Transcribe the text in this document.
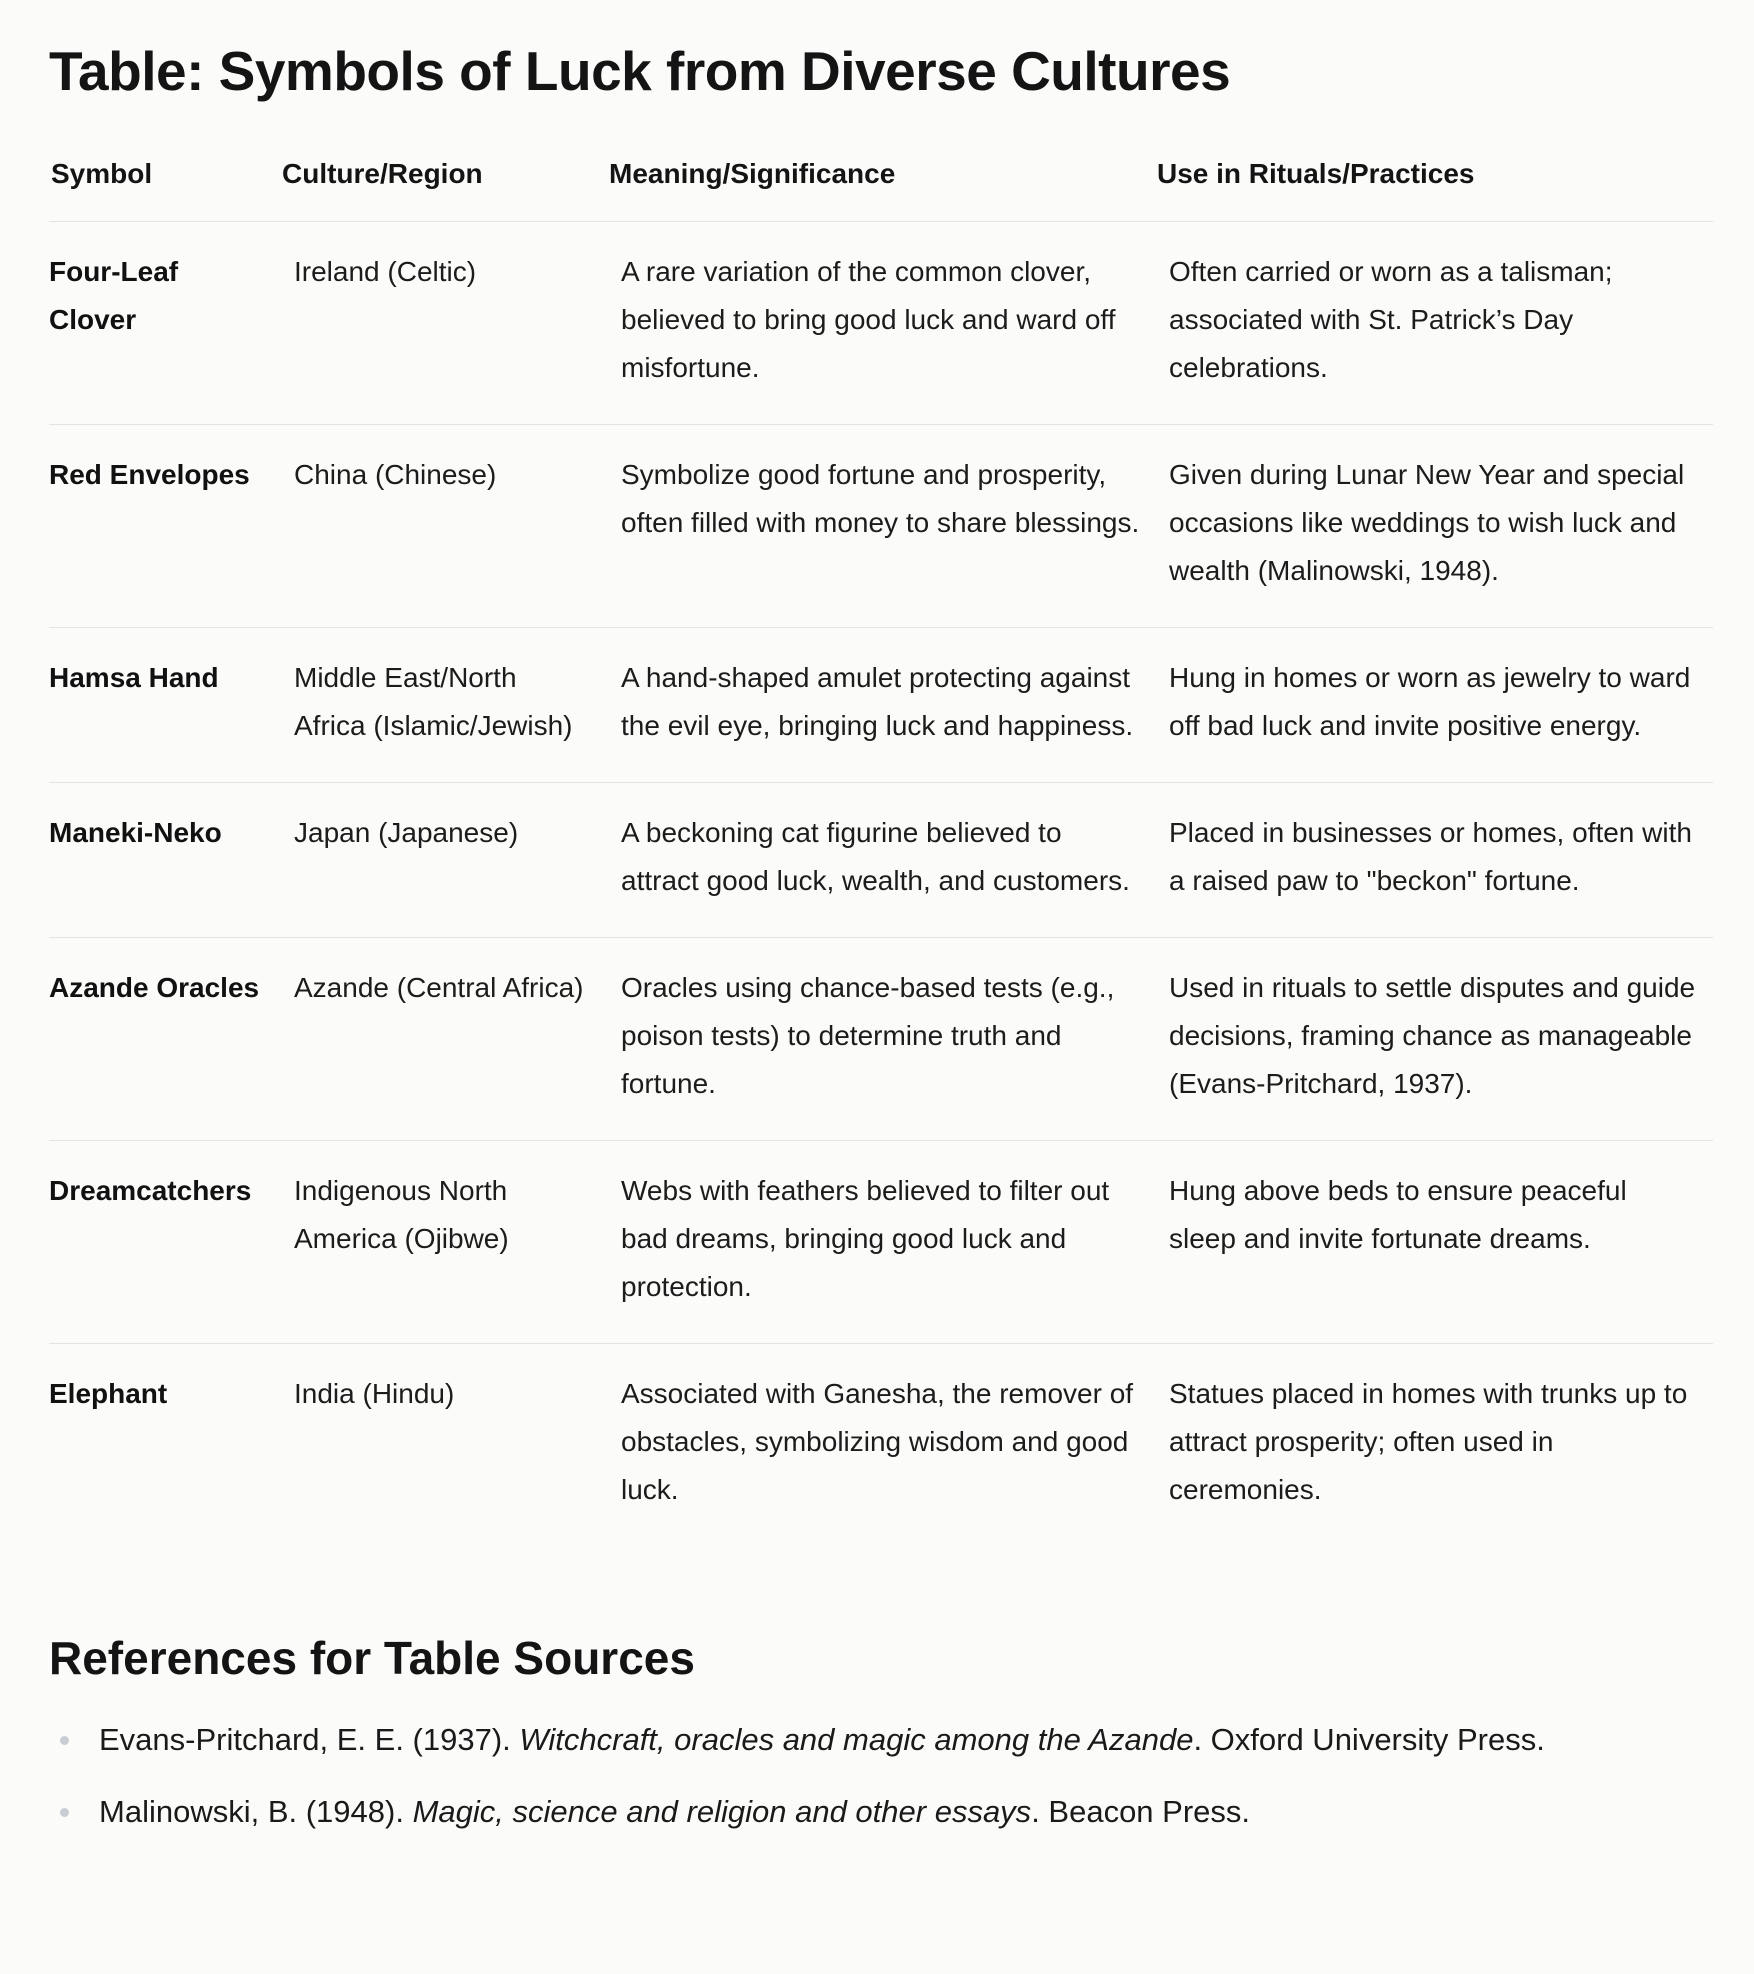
Table: Symbols of Luck from Diverse Cultures
Symbol	Culture/Region	Meaning/Significance	Use in Rituals/Practices
Four-Leaf Clover	Ireland (Celtic)	A rare variation of the common clover, believed to bring good luck and ward off misfortune.	Often carried or worn as a talisman; associated with St. Patrick’s Day celebrations.
Red Envelopes	China (Chinese)	Symbolize good fortune and prosperity, often filled with money to share blessings.	Given during Lunar New Year and special occasions like weddings to wish luck and wealth (Malinowski, 1948).
Hamsa Hand	Middle East/North Africa (Islamic/Jewish)	A hand-shaped amulet protecting against the evil eye, bringing luck and happiness.	Hung in homes or worn as jewelry to ward off bad luck and invite positive energy.
Maneki-Neko	Japan (Japanese)	A beckoning cat figurine believed to attract good luck, wealth, and customers.	Placed in businesses or homes, often with a raised paw to "beckon" fortune.
Azande Oracles	Azande (Central Africa)	Oracles using chance-based tests (e.g., poison tests) to determine truth and fortune.	Used in rituals to settle disputes and guide decisions, framing chance as manageable (Evans-Pritchard, 1937).
Dreamcatchers	Indigenous North America (Ojibwe)	Webs with feathers believed to filter out bad dreams, bringing good luck and protection.	Hung above beds to ensure peaceful sleep and invite fortunate dreams.
Elephant	India (Hindu)	Associated with Ganesha, the remover of obstacles, symbolizing wisdom and good luck.	Statues placed in homes with trunks up to attract prosperity; often used in ceremonies.
References for Table Sources
Evans-Pritchard, E. E. (1937). Witchcraft, oracles and magic among the Azande. Oxford University Press.
Malinowski, B. (1948). Magic, science and religion and other essays. Beacon Press.
